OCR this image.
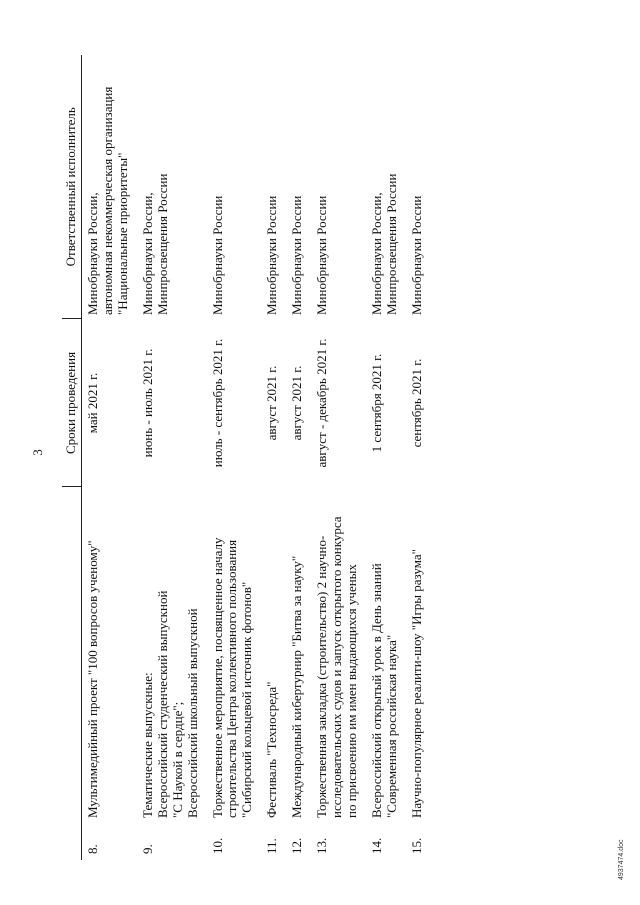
3
		Сроки проведения	Ответственный исполнитель
8.	Мультимедийный проект "100 вопросов ученому"	май 2021 г.	Минобрнауки России, автономная некоммерческая организация "Национальные приоритеты"

9.	Тематические выпускные: Всероссийский студенческий выпускной "С Наукой в сердце"; Всероссийский школьный выпускной	июнь - июль 2021 г.	Минобрнауки России, Минпросвещения России

10.	Торжественное мероприятие, посвященное началу строительства Центра коллективного пользования "Сибирский кольцевой источник фотонов"	июль - сентябрь 2021 г.	Минобрнауки России

11.	Фестиваль "Техносреда"	август 2021 г.	Минобрнауки России

12.	Международный кибертурнир "Битва за науку"	август 2021 г.	Минобрнауки России

13.	Торжественная закладка (строительство) 2 научно- исследовательских судов и запуск открытого конкурса по присвоению им имен выдающихся ученых	август - декабрь 2021 г.	Минобрнауки России

14.	Всероссийский открытый урок в День знаний "Современная российская наука"	1 сентября 2021 г.	Минобрнауки России, Минпросвещения России

15.	Научно-популярное реалити-шоу "Игры разума"	сентябрь 2021 г.	Минобрнауки России
4937474.doc
